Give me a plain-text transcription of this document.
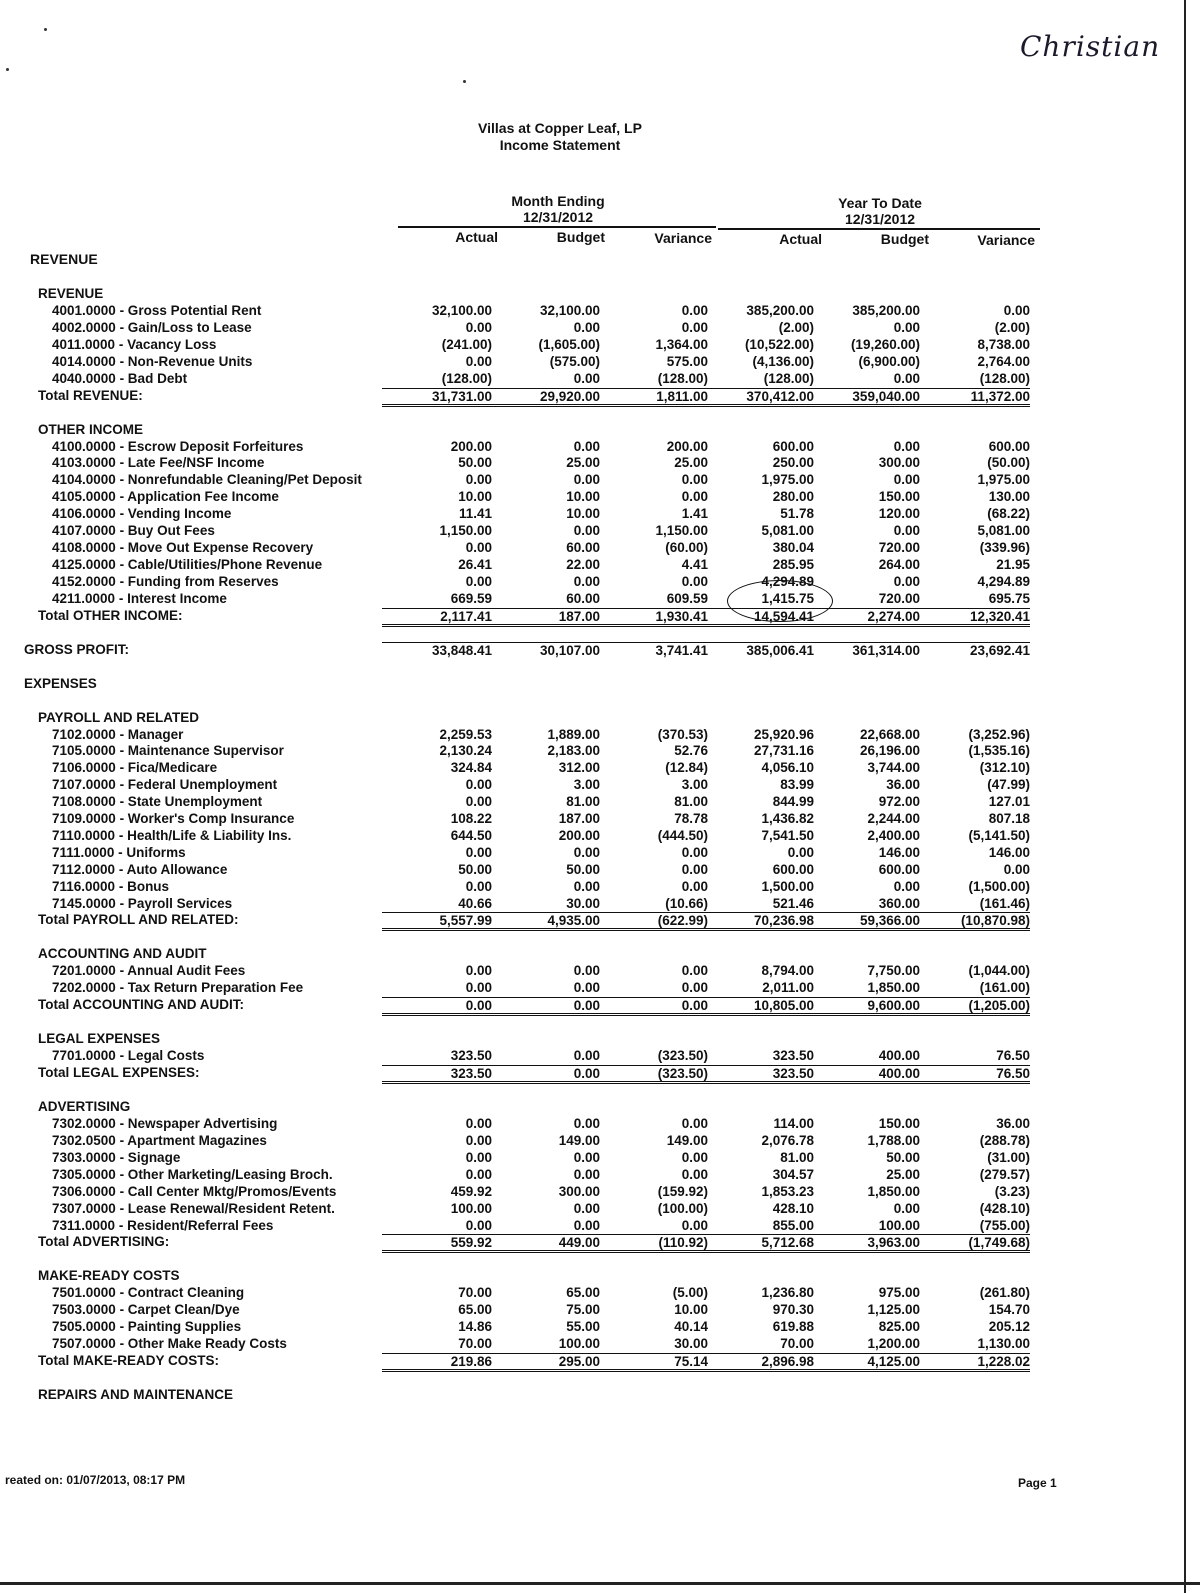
Christian
Villas at Copper Leaf, LP
Income Statement
Month Ending
12/31/2012
Year To Date
12/31/2012
Actual	Budget	Variance	Actual	Budget	Variance
REVENUE
REVENUE
4001.0000 - Gross Potential Rent	32,100.00	32,100.00	0.00	385,200.00	385,200.00	0.00
4002.0000 - Gain/Loss to Lease	0.00	0.00	0.00	(2.00)	0.00	(2.00)
4011.0000 - Vacancy Loss	(241.00)	(1,605.00)	1,364.00	(10,522.00)	(19,260.00)	8,738.00
4014.0000 - Non-Revenue Units	0.00	(575.00)	575.00	(4,136.00)	(6,900.00)	2,764.00
4040.0000 - Bad Debt	(128.00)	0.00	(128.00)	(128.00)	0.00	(128.00)
Total REVENUE:	31,731.00	29,920.00	1,811.00	370,412.00	359,040.00	11,372.00
OTHER INCOME
4100.0000 - Escrow Deposit Forfeitures	200.00	0.00	200.00	600.00	0.00	600.00
4103.0000 - Late Fee/NSF Income	50.00	25.00	25.00	250.00	300.00	(50.00)
4104.0000 - Nonrefundable Cleaning/Pet Deposit	0.00	0.00	0.00	1,975.00	0.00	1,975.00
4105.0000 - Application Fee Income	10.00	10.00	0.00	280.00	150.00	130.00
4106.0000 - Vending Income	11.41	10.00	1.41	51.78	120.00	(68.22)
4107.0000 - Buy Out Fees	1,150.00	0.00	1,150.00	5,081.00	0.00	5,081.00
4108.0000 - Move Out Expense Recovery	0.00	60.00	(60.00)	380.04	720.00	(339.96)
4125.0000 - Cable/Utilities/Phone Revenue	26.41	22.00	4.41	285.95	264.00	21.95
4152.0000 - Funding from Reserves	0.00	0.00	0.00	4,294.89	0.00	4,294.89
4211.0000 - Interest Income	669.59	60.00	609.59	1,415.75	720.00	695.75
Total OTHER INCOME:	2,117.41	187.00	1,930.41	14,594.41	2,274.00	12,320.41
GROSS PROFIT:	33,848.41	30,107.00	3,741.41	385,006.41	361,314.00	23,692.41
EXPENSES
PAYROLL AND RELATED
7102.0000 - Manager	2,259.53	1,889.00	(370.53)	25,920.96	22,668.00	(3,252.96)
7105.0000 - Maintenance Supervisor	2,130.24	2,183.00	52.76	27,731.16	26,196.00	(1,535.16)
7106.0000 - Fica/Medicare	324.84	312.00	(12.84)	4,056.10	3,744.00	(312.10)
7107.0000 - Federal Unemployment	0.00	3.00	3.00	83.99	36.00	(47.99)
7108.0000 - State Unemployment	0.00	81.00	81.00	844.99	972.00	127.01
7109.0000 - Worker's Comp Insurance	108.22	187.00	78.78	1,436.82	2,244.00	807.18
7110.0000 - Health/Life & Liability Ins.	644.50	200.00	(444.50)	7,541.50	2,400.00	(5,141.50)
7111.0000 - Uniforms	0.00	0.00	0.00	0.00	146.00	146.00
7112.0000 - Auto Allowance	50.00	50.00	0.00	600.00	600.00	0.00
7116.0000 - Bonus	0.00	0.00	0.00	1,500.00	0.00	(1,500.00)
7145.0000 - Payroll Services	40.66	30.00	(10.66)	521.46	360.00	(161.46)
Total PAYROLL AND RELATED:	5,557.99	4,935.00	(622.99)	70,236.98	59,366.00	(10,870.98)
ACCOUNTING AND AUDIT
7201.0000 - Annual Audit Fees	0.00	0.00	0.00	8,794.00	7,750.00	(1,044.00)
7202.0000 - Tax Return Preparation Fee	0.00	0.00	0.00	2,011.00	1,850.00	(161.00)
Total ACCOUNTING AND AUDIT:	0.00	0.00	0.00	10,805.00	9,600.00	(1,205.00)
LEGAL EXPENSES
7701.0000 - Legal Costs	323.50	0.00	(323.50)	323.50	400.00	76.50
Total LEGAL EXPENSES:	323.50	0.00	(323.50)	323.50	400.00	76.50
ADVERTISING
7302.0000 - Newspaper Advertising	0.00	0.00	0.00	114.00	150.00	36.00
7302.0500 - Apartment Magazines	0.00	149.00	149.00	2,076.78	1,788.00	(288.78)
7303.0000 - Signage	0.00	0.00	0.00	81.00	50.00	(31.00)
7305.0000 - Other Marketing/Leasing Broch.	0.00	0.00	0.00	304.57	25.00	(279.57)
7306.0000 - Call Center Mktg/Promos/Events	459.92	300.00	(159.92)	1,853.23	1,850.00	(3.23)
7307.0000 - Lease Renewal/Resident Retent.	100.00	0.00	(100.00)	428.10	0.00	(428.10)
7311.0000 - Resident/Referral Fees	0.00	0.00	0.00	855.00	100.00	(755.00)
Total ADVERTISING:	559.92	449.00	(110.92)	5,712.68	3,963.00	(1,749.68)
MAKE-READY COSTS
7501.0000 - Contract Cleaning	70.00	65.00	(5.00)	1,236.80	975.00	(261.80)
7503.0000 - Carpet Clean/Dye	65.00	75.00	10.00	970.30	1,125.00	154.70
7505.0000 - Painting Supplies	14.86	55.00	40.14	619.88	825.00	205.12
7507.0000 - Other Make Ready Costs	70.00	100.00	30.00	70.00	1,200.00	1,130.00
Total MAKE-READY COSTS:	219.86	295.00	75.14	2,896.98	4,125.00	1,228.02
REPAIRS AND MAINTENANCE
reated on: 01/07/2013, 08:17 PM	Page 1
